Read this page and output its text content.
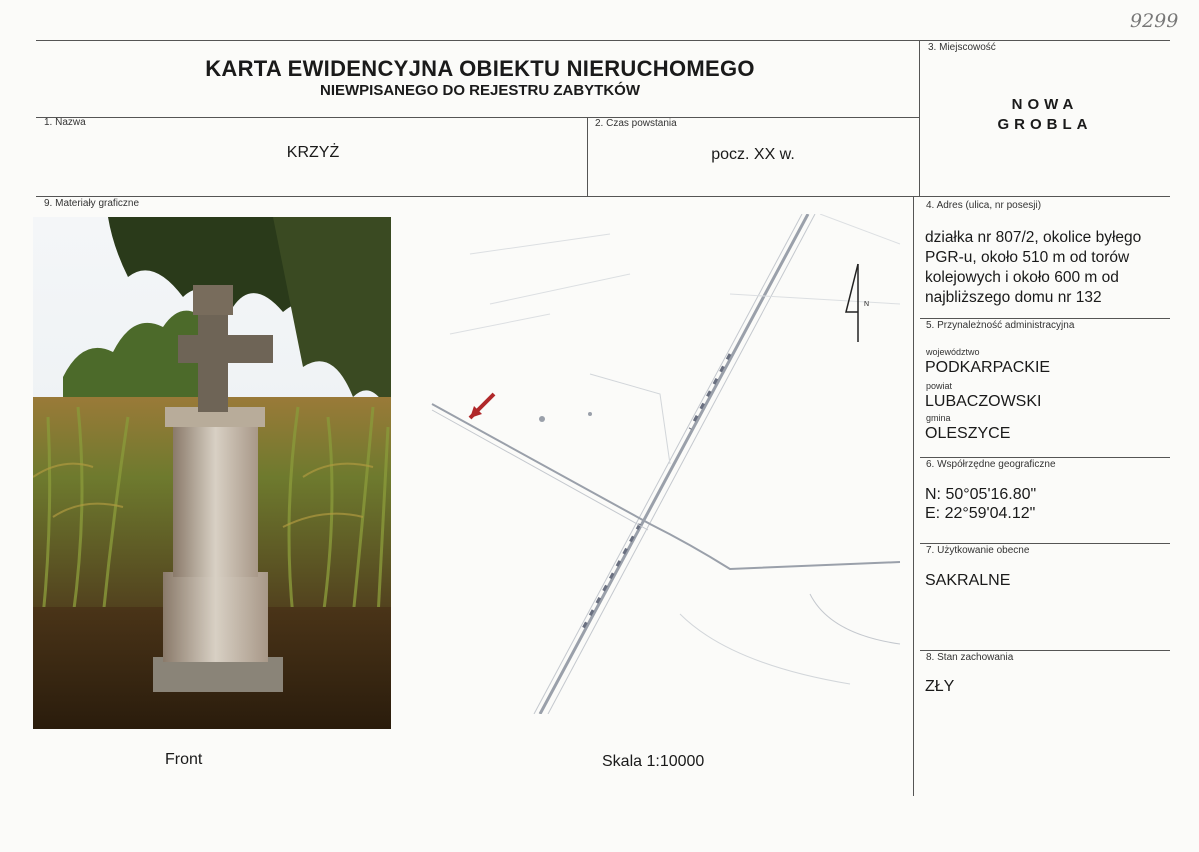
9299
KARTA EWIDENCYJNA OBIEKTU NIERUCHOMEGO
NIEWPISANEGO DO REJESTRU ZABYTKÓW
1. Nazwa
KRZYŻ
2. Czas powstania
pocz. XX w.
3. Miejscowość
NOWA
GROBLA
4. Adres (ulica, nr posesji)
działka nr 807/2, okolice byłego
PGR-u, około 510 m od torów
kolejowych i około 600 m od
najbliższego domu nr 132
5. Przynależność administracyjna
województwo
PODKARPACKIE
powiat
LUBACZOWSKI
gmina
OLESZYCE
6. Współrzędne geograficzne
N: 50°05'16.80"
E: 22°59'04.12"
7. Użytkowanie obecne
SAKRALNE
8. Stan zachowania
ZŁY
9. Materiały graficzne
N
Front	Skala 1:10000
